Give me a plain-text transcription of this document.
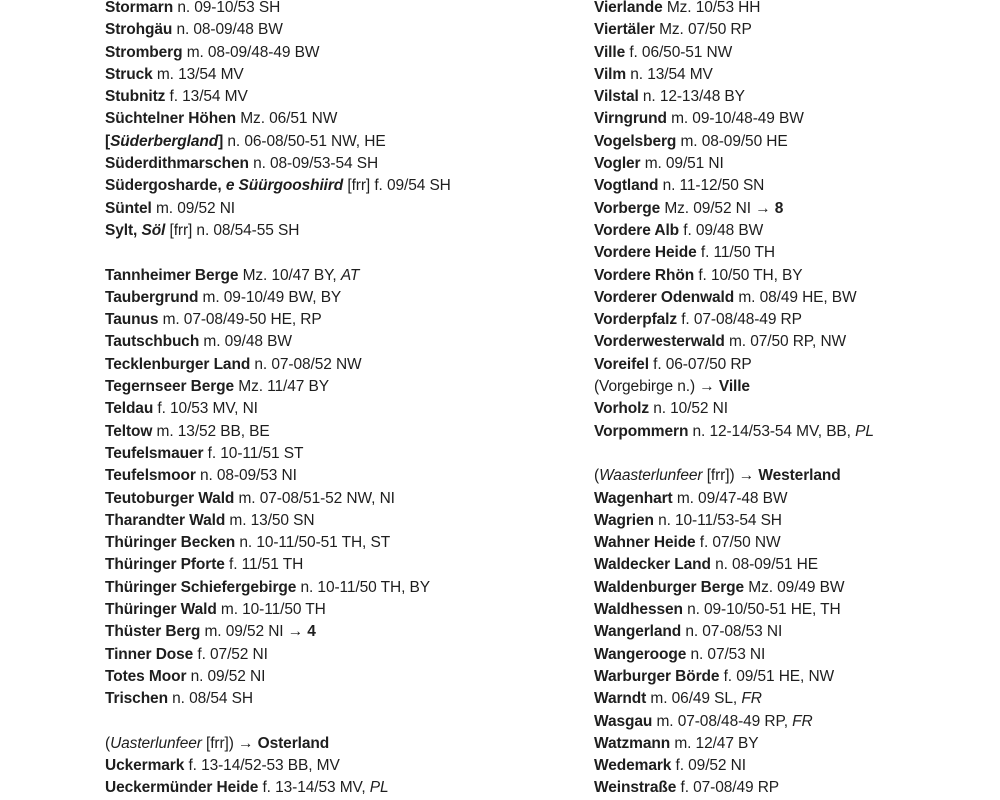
Stormarn n. 09-10/53 SH
Strohgäu n. 08-09/48 BW
Stromberg m. 08-09/48-49 BW
Struck m. 13/54 MV
Stubnitz f. 13/54 MV
Süchtelner Höhen Mz. 06/51 NW
[Süderbergland] n. 06-08/50-51 NW, HE
Süderdithmarschen n. 08-09/53-54 SH
Südergosharde, e Süürgooshiird [frr] f. 09/54 SH
Süntel m. 09/52 NI
Sylt, Söl [frr] n. 08/54-55 SH
Tannheimer Berge Mz. 10/47 BY, AT
Taubergrund m. 09-10/49 BW, BY
Taunus m. 07-08/49-50 HE, RP
Tautschbuch m. 09/48 BW
Tecklenburger Land n. 07-08/52 NW
Tegernseer Berge Mz. 11/47 BY
Teldau f. 10/53 MV, NI
Teltow m. 13/52 BB, BE
Teufelsmauer f. 10-11/51 ST
Teufelsmoor n. 08-09/53 NI
Teutoburger Wald m. 07-08/51-52 NW, NI
Tharandter Wald m. 13/50 SN
Thüringer Becken n. 10-11/50-51 TH, ST
Thüringer Pforte f. 11/51 TH
Thüringer Schiefergebirge n. 10-11/50 TH, BY
Thüringer Wald m. 10-11/50 TH
Thüster Berg m. 09/52 NI → 4
Tinner Dose f. 07/52 NI
Totes Moor n. 09/52 NI
Trischen n. 08/54 SH
(Uasterlunfeer [frr]) → Osterland
Uckermark f. 13-14/52-53 BB, MV
Ueckermünder Heide f. 13-14/53 MV, PL
Vierlande Mz. 10/53 HH
Viertäler Mz. 07/50 RP
Ville f. 06/50-51 NW
Vilm n. 13/54 MV
Vilstal n. 12-13/48 BY
Virngrund m. 09-10/48-49 BW
Vogelsberg m. 08-09/50 HE
Vogler m. 09/51 NI
Vogtland n. 11-12/50 SN
Vorberge Mz. 09/52 NI → 8
Vordere Alb f. 09/48 BW
Vordere Heide f. 11/50 TH
Vordere Rhön f. 10/50 TH, BY
Vorderer Odenwald m. 08/49 HE, BW
Vorderpfalz f. 07-08/48-49 RP
Vorderwesterwald m. 07/50 RP, NW
Voreifel f. 06-07/50 RP
(Vorgebirge n.) → Ville
Vorholz n. 10/52 NI
Vorpommern n. 12-14/53-54 MV, BB, PL
(Waasterlunfeer [frr]) → Westerland
Wagenhart m. 09/47-48 BW
Wagrien n. 10-11/53-54 SH
Wahner Heide f. 07/50 NW
Waldecker Land n. 08-09/51 HE
Waldenburger Berge Mz. 09/49 BW
Waldhessen n. 09-10/50-51 HE, TH
Wangerland n. 07-08/53 NI
Wangerooge n. 07/53 NI
Warburger Börde f. 09/51 HE, NW
Warndt m. 06/49 SL, FR
Wasgau m. 07-08/48-49 RP, FR
Watzmann m. 12/47 BY
Wedemark f. 09/52 NI
Weinstraße f. 07-08/49 RP
